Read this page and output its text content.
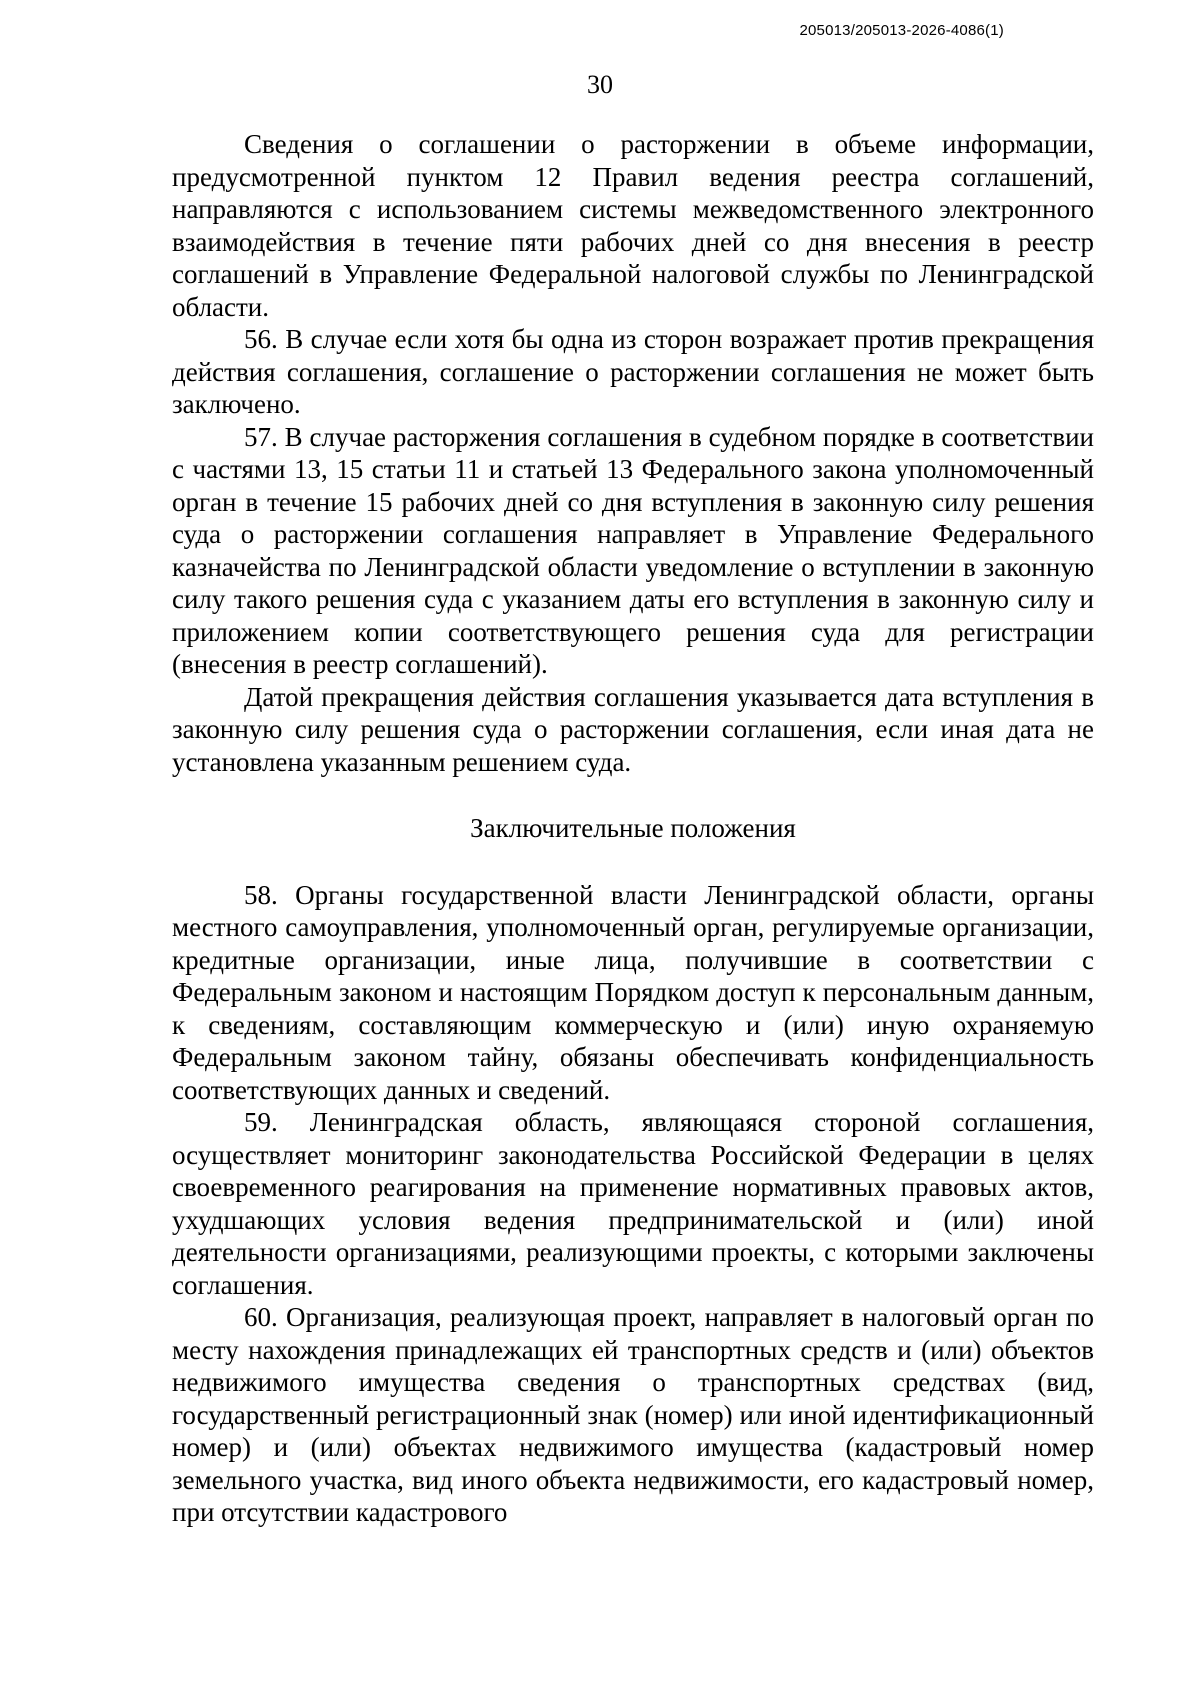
205013/205013-2026-4086(1)
30

Сведения о соглашении о расторжении в объеме информации, предусмотренной пунктом 12 Правил ведения реестра соглашений, направляются с использованием системы межведомственного электронного взаимодействия в течение пяти рабочих дней со дня внесения в реестр соглашений в Управление Федеральной налоговой службы по Ленинградской области.

56. В случае если хотя бы одна из сторон возражает против прекращения действия соглашения, соглашение о расторжении соглашения не может быть заключено.

57. В случае расторжения соглашения в судебном порядке в соответствии с частями 13, 15 статьи 11 и статьей 13 Федерального закона уполномоченный орган в течение 15 рабочих дней со дня вступления в законную силу решения суда о расторжении соглашения направляет в Управление Федерального казначейства по Ленинградской области уведомление о вступлении в законную силу такого решения суда с указанием даты его вступления в законную силу и приложением копии соответствующего решения суда для регистрации (внесения в реестр соглашений).

Датой прекращения действия соглашения указывается дата вступления в законную силу решения суда о расторжении соглашения, если иная дата не установлена указанным решением суда.

Заключительные положения

58. Органы государственной власти Ленинградской области, органы местного самоуправления, уполномоченный орган, регулируемые организации, кредитные организации, иные лица, получившие в соответствии с Федеральным законом и настоящим Порядком доступ к персональным данным, к сведениям, составляющим коммерческую и (или) иную охраняемую Федеральным законом тайну, обязаны обеспечивать конфиденциальность соответствующих данных и сведений.

59. Ленинградская область, являющаяся стороной соглашения, осуществляет мониторинг законодательства Российской Федерации в целях своевременного реагирования на применение нормативных правовых актов, ухудшающих условия ведения предпринимательской и (или) иной деятельности организациями, реализующими проекты, с которыми заключены соглашения.

60. Организация, реализующая проект, направляет в налоговый орган по месту нахождения принадлежащих ей транспортных средств и (или) объектов недвижимого имущества сведения о транспортных средствах (вид, государственный регистрационный знак (номер) или иной идентификационный номер) и (или) объектах недвижимого имущества (кадастровый номер земельного участка, вид иного объекта недвижимости, его кадастровый номер, при отсутствии кадастрового
